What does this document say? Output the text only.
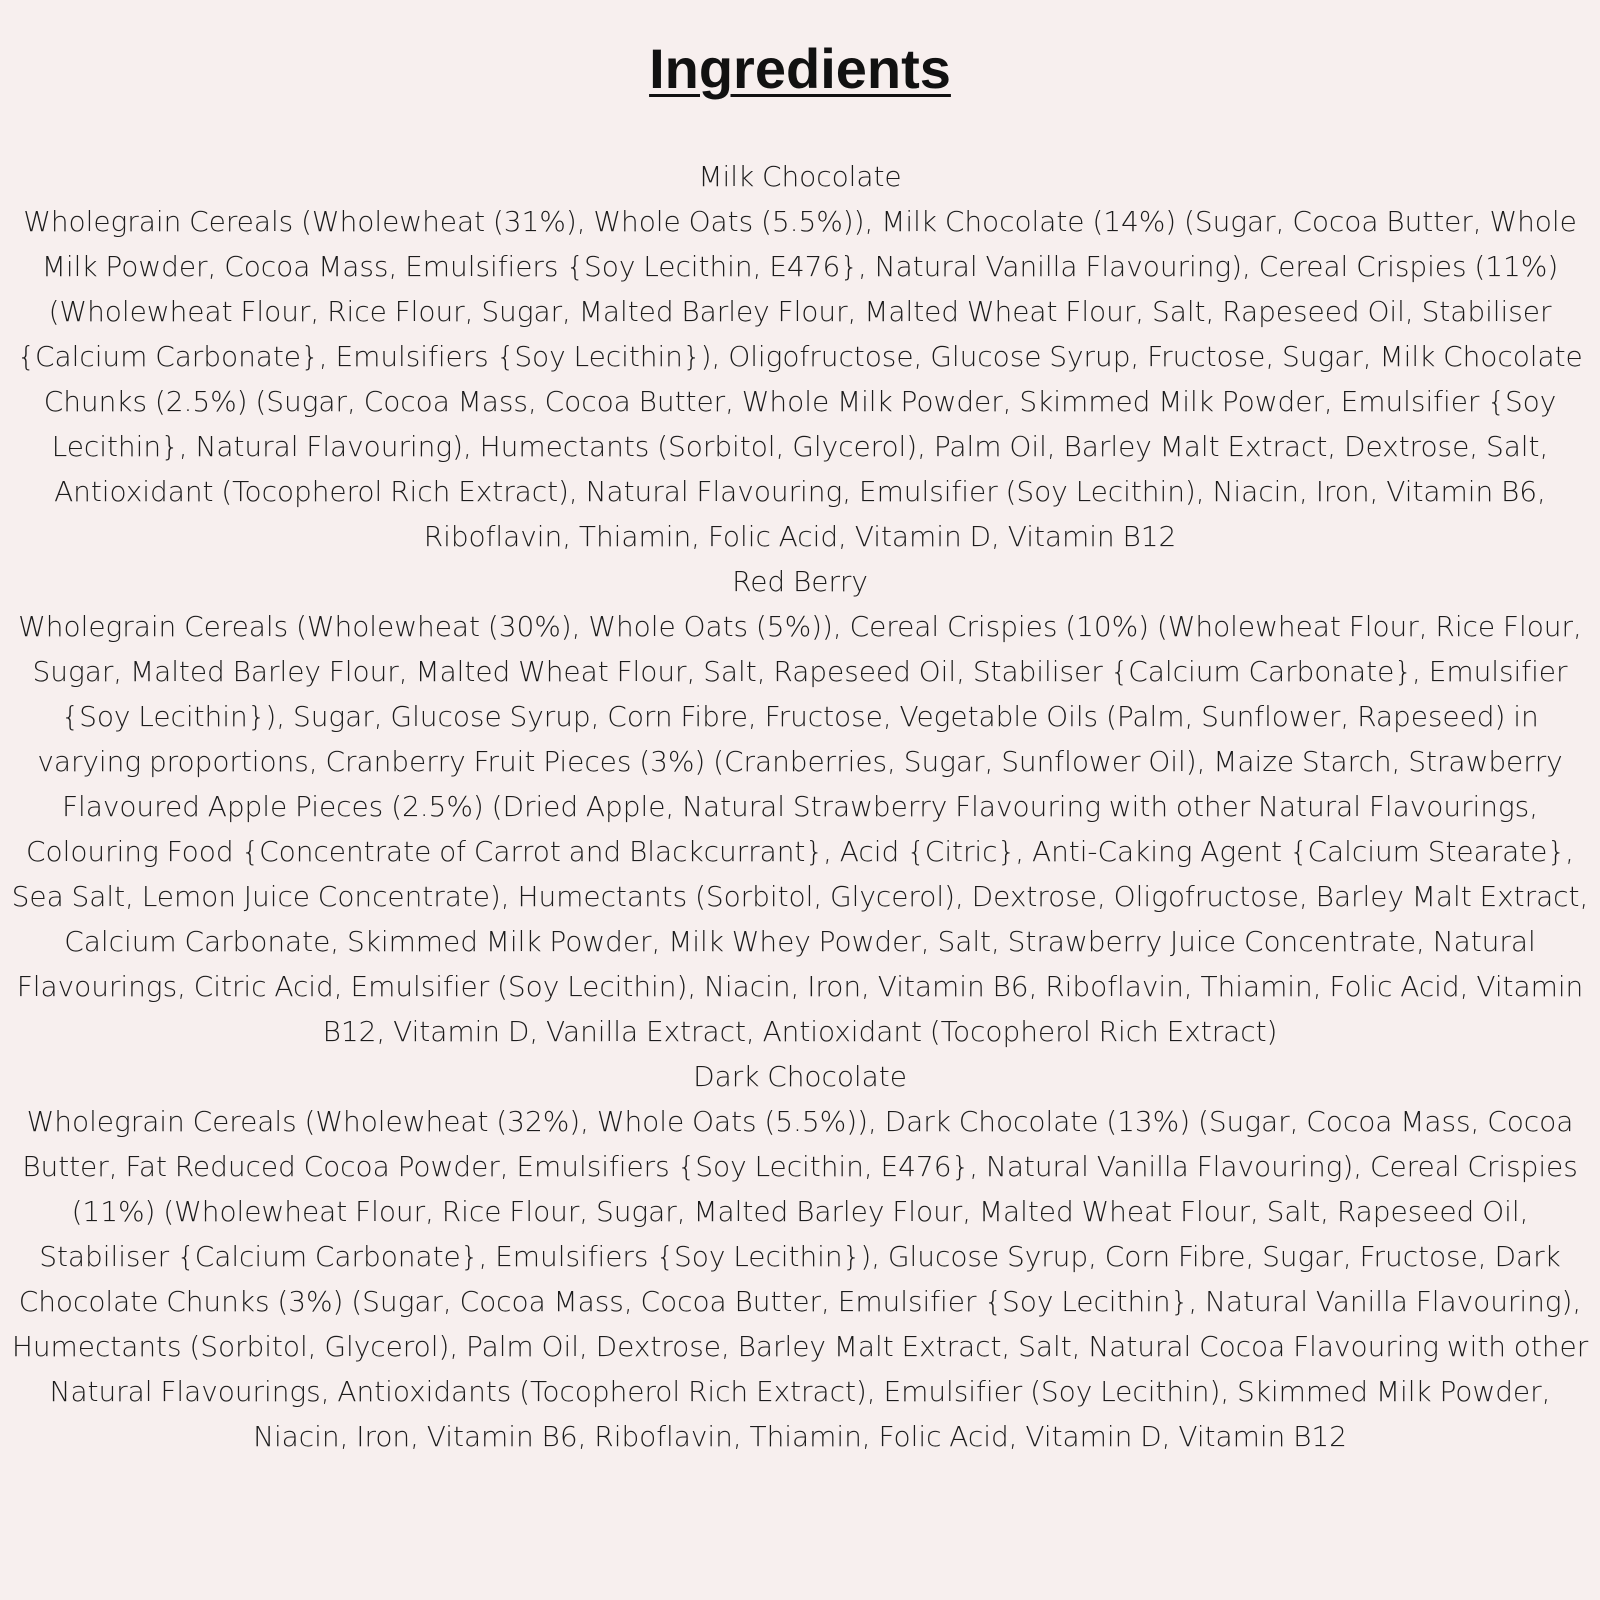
Ingredients

Milk Chocolate

Wholegrain Cereals (Wholewheat (31%), Whole Oats (5.5%)), Milk Chocolate (14%) (Sugar, Cocoa Butter, Whole Milk Powder, Cocoa Mass, Emulsifiers {Soy Lecithin, E476}, Natural Vanilla Flavouring), Cereal Crispies (11%) (Wholewheat Flour, Rice Flour, Sugar, Malted Barley Flour, Malted Wheat Flour, Salt, Rapeseed Oil, Stabiliser {Calcium Carbonate}, Emulsifiers {Soy Lecithin}), Oligofructose, Glucose Syrup, Fructose, Sugar, Milk Chocolate Chunks (2.5%) (Sugar, Cocoa Mass, Cocoa Butter, Whole Milk Powder, Skimmed Milk Powder, Emulsifier {Soy Lecithin}, Natural Flavouring), Humectants (Sorbitol, Glycerol), Palm Oil, Barley Malt Extract, Dextrose, Salt, Antioxidant (Tocopherol Rich Extract), Natural Flavouring, Emulsifier (Soy Lecithin), Niacin, Iron, Vitamin B6, Riboflavin, Thiamin, Folic Acid, Vitamin D, Vitamin B12

Red Berry

Wholegrain Cereals (Wholewheat (30%), Whole Oats (5%)), Cereal Crispies (10%) (Wholewheat Flour, Rice Flour, Sugar, Malted Barley Flour, Malted Wheat Flour, Salt, Rapeseed Oil, Stabiliser {Calcium Carbonate}, Emulsifier {Soy Lecithin}), Sugar, Glucose Syrup, Corn Fibre, Fructose, Vegetable Oils (Palm, Sunflower, Rapeseed) in varying proportions, Cranberry Fruit Pieces (3%) (Cranberries, Sugar, Sunflower Oil), Maize Starch, Strawberry Flavoured Apple Pieces (2.5%) (Dried Apple, Natural Strawberry Flavouring with other Natural Flavourings, Colouring Food {Concentrate of Carrot and Blackcurrant}, Acid {Citric}, Anti-Caking Agent {Calcium Stearate}, Sea Salt, Lemon Juice Concentrate), Humectants (Sorbitol, Glycerol), Dextrose, Oligofructose, Barley Malt Extract, Calcium Carbonate, Skimmed Milk Powder, Milk Whey Powder, Salt, Strawberry Juice Concentrate, Natural Flavourings, Citric Acid, Emulsifier (Soy Lecithin), Niacin, Iron, Vitamin B6, Riboflavin, Thiamin, Folic Acid, Vitamin B12, Vitamin D, Vanilla Extract, Antioxidant (Tocopherol Rich Extract)

Dark Chocolate

Wholegrain Cereals (Wholewheat (32%), Whole Oats (5.5%)), Dark Chocolate (13%) (Sugar, Cocoa Mass, Cocoa Butter, Fat Reduced Cocoa Powder, Emulsifiers {Soy Lecithin, E476}, Natural Vanilla Flavouring), Cereal Crispies (11%) (Wholewheat Flour, Rice Flour, Sugar, Malted Barley Flour, Malted Wheat Flour, Salt, Rapeseed Oil, Stabiliser {Calcium Carbonate}, Emulsifiers {Soy Lecithin}), Glucose Syrup, Corn Fibre, Sugar, Fructose, Dark Chocolate Chunks (3%) (Sugar, Cocoa Mass, Cocoa Butter, Emulsifier {Soy Lecithin}, Natural Vanilla Flavouring), Humectants (Sorbitol, Glycerol), Palm Oil, Dextrose, Barley Malt Extract, Salt, Natural Cocoa Flavouring with other Natural Flavourings, Antioxidants (Tocopherol Rich Extract), Emulsifier (Soy Lecithin), Skimmed Milk Powder, Niacin, Iron, Vitamin B6, Riboflavin, Thiamin, Folic Acid, Vitamin D, Vitamin B12
